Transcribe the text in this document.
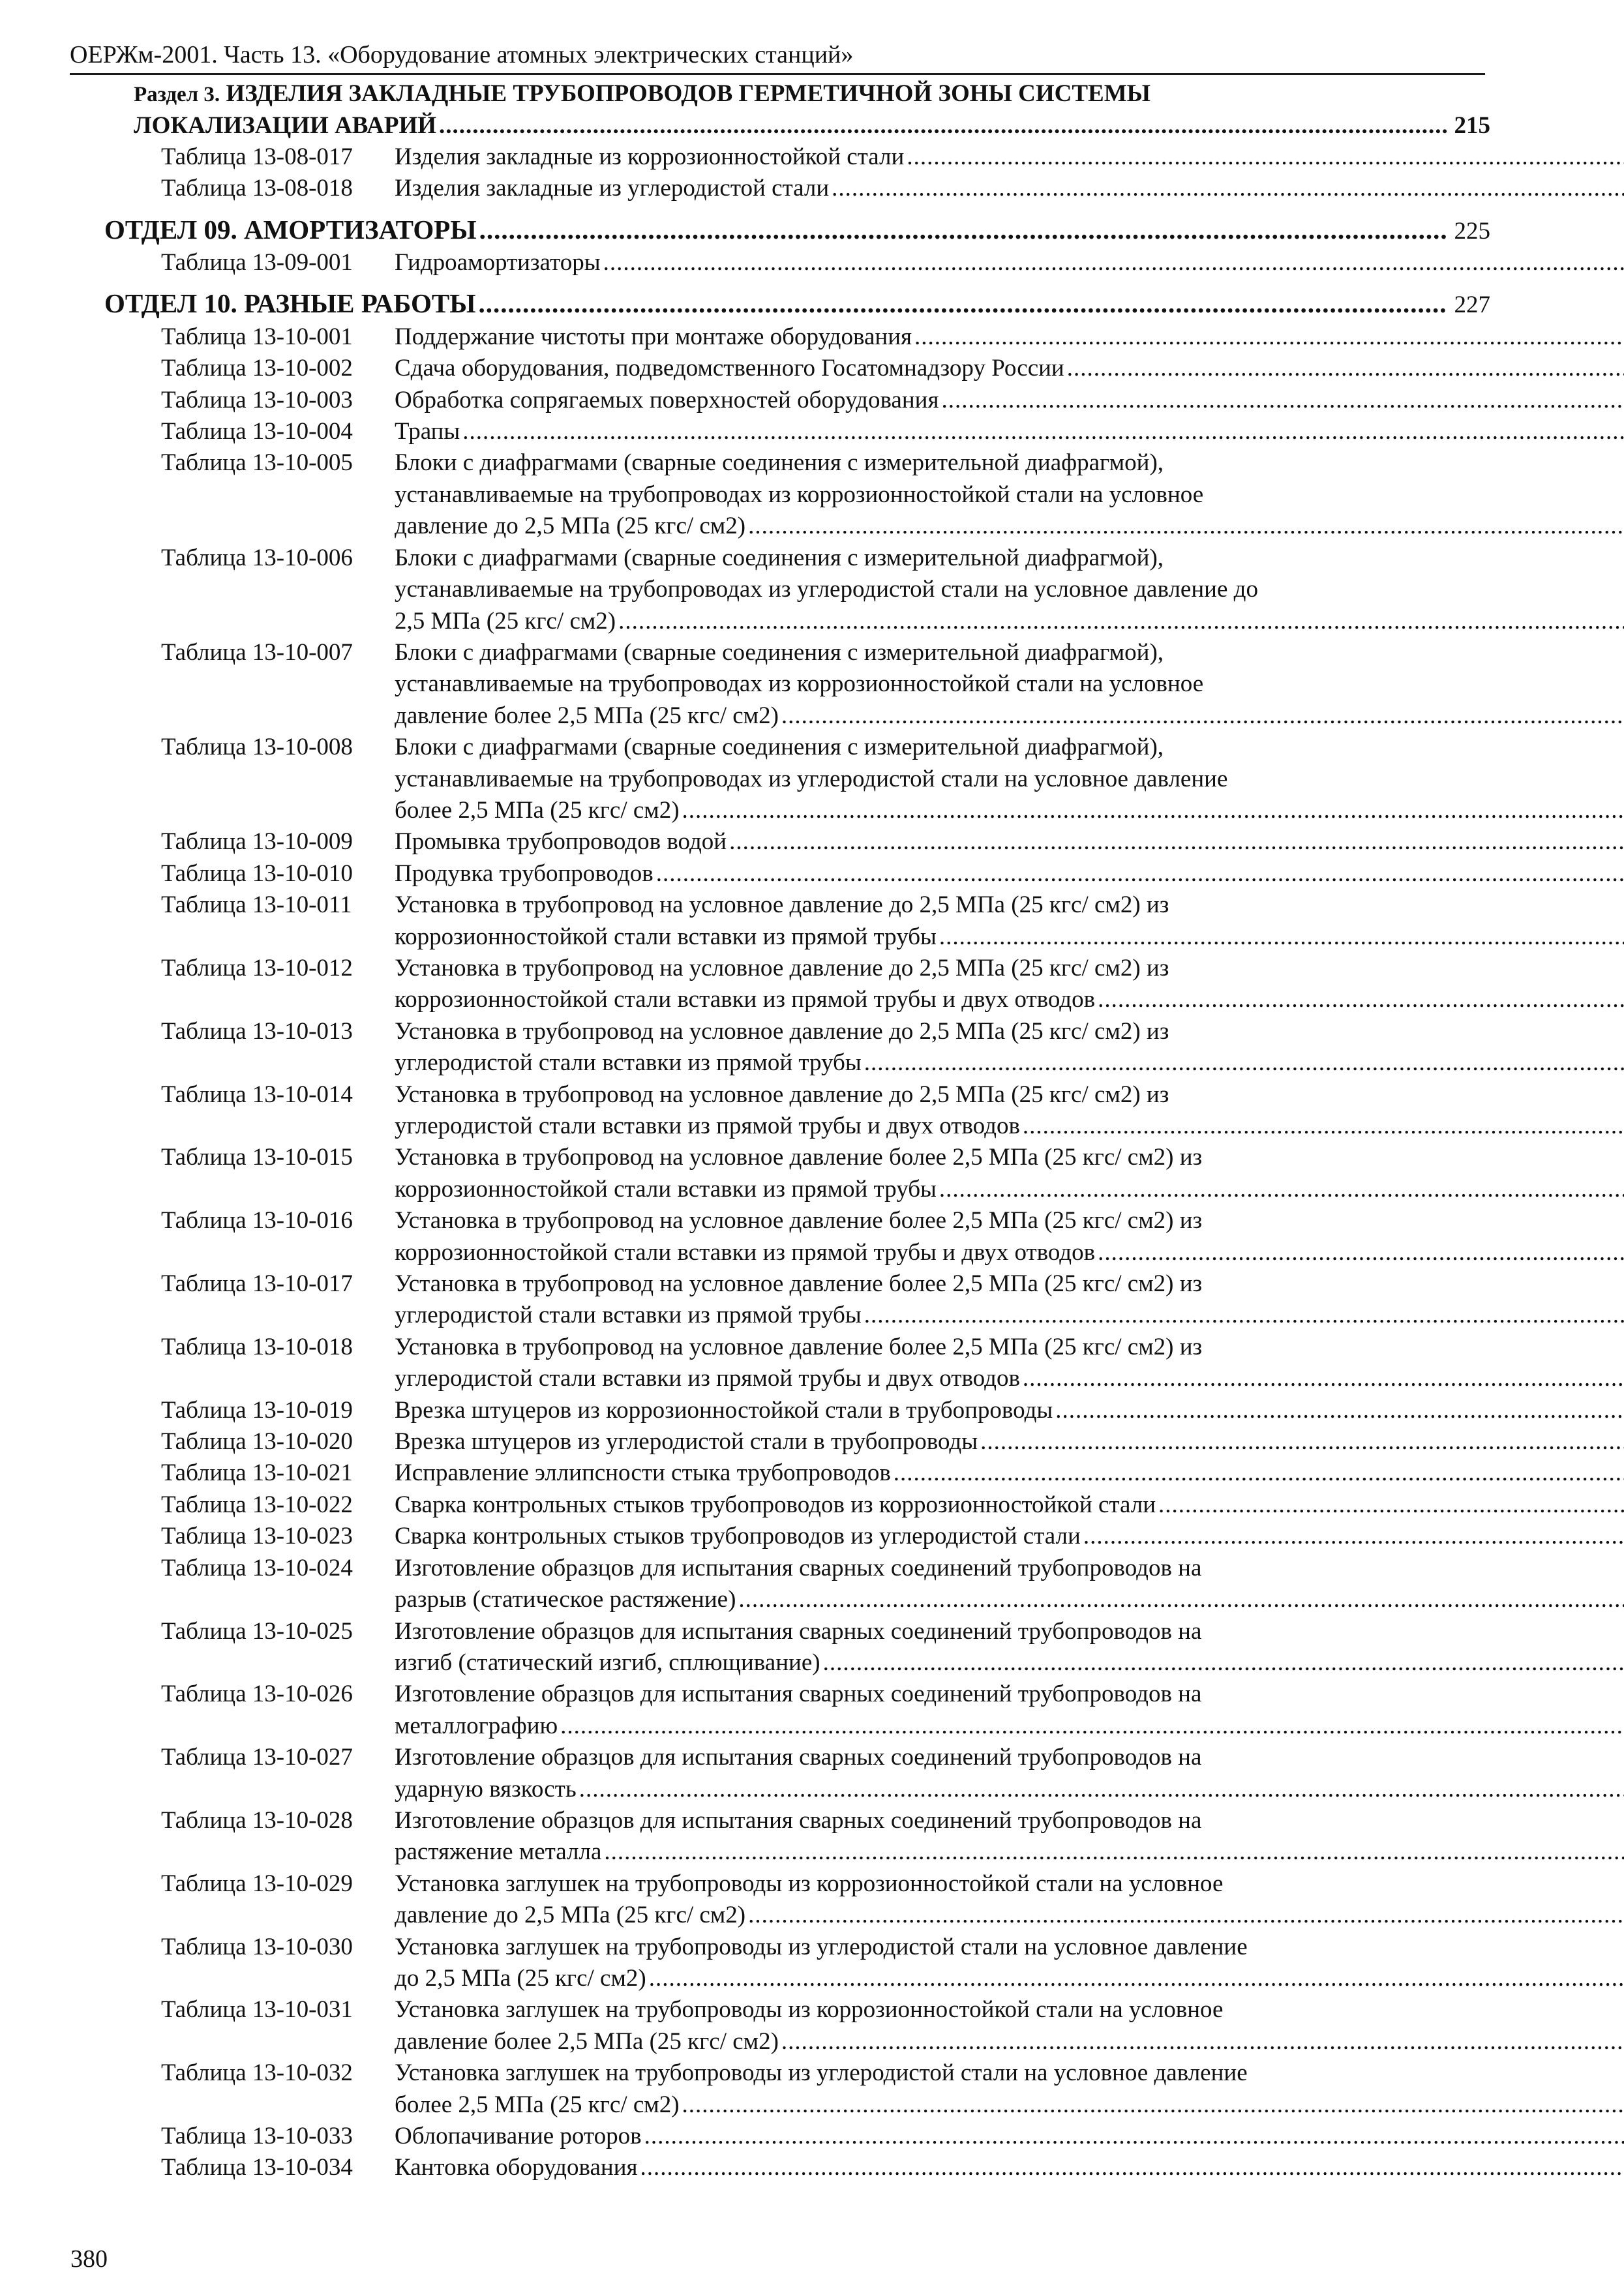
ОЕРЖм-2001. Часть 13. «Оборудование атомных электрических станций»
Раздел 3. ИЗДЕЛИЯ ЗАКЛАДНЫЕ ТРУБОПРОВОДОВ ГЕРМЕТИЧНОЙ ЗОНЫ СИСТЕМЫ
ЛОКАЛИЗАЦИИ АВАРИЙ .....	215
Таблица 13-08-017	Изделия закладные из коррозионностойкой стали
.....
Таблица 13-08-018	Изделия закладные из углеродистой стали
.....
ОТДЕЛ 09. АМОРТИЗАТОРЫ .....	225
Таблица 13-09-001	Гидроамортизаторы
.....
ОТДЕЛ 10. РАЗНЫЕ РАБОТЫ .....	227
Таблица 13-10-001	Поддержание чистоты при монтаже оборудования
.....
Таблица 13-10-002	Сдача оборудования, подведомственного Госатомнадзору России
.....
Таблица 13-10-003	Обработка сопрягаемых поверхностей оборудования
.....
Таблица 13-10-004	Трапы
.....
Таблица 13-10-005	Блоки с диафрагмами (сварные соединения с измерительной диафрагмой),
устанавливаемые на трубопроводах из коррозионностойкой стали на условное
давление до 2,5 МПа (25 кгс/ см2)
.....
Таблица 13-10-006	Блоки с диафрагмами (сварные соединения с измерительной диафрагмой),
устанавливаемые на трубопроводах из углеродистой стали на условное давление до
2,5 МПа (25 кгс/ см2)
.....
Таблица 13-10-007	Блоки с диафрагмами (сварные соединения с измерительной диафрагмой),
устанавливаемые на трубопроводах из коррозионностойкой стали на условное
давление более 2,5 МПа (25 кгс/ см2)
.....
Таблица 13-10-008	Блоки с диафрагмами (сварные соединения с измерительной диафрагмой),
устанавливаемые на трубопроводах из углеродистой стали на условное давление
более 2,5 МПа (25 кгс/ см2)
.....
Таблица 13-10-009	Промывка трубопроводов водой
.....
Таблица 13-10-010	Продувка трубопроводов
.....
Таблица 13-10-011	Установка в трубопровод на условное давление до 2,5 МПа (25 кгс/ см2) из
коррозионностойкой стали вставки из прямой трубы
.....
Таблица 13-10-012	Установка в трубопровод на условное давление до 2,5 МПа (25 кгс/ см2) из
коррозионностойкой стали вставки из прямой трубы и двух отводов
.....
Таблица 13-10-013	Установка в трубопровод на условное давление до 2,5 МПа (25 кгс/ см2) из
углеродистой стали вставки из прямой трубы
.....
Таблица 13-10-014	Установка в трубопровод на условное давление до 2,5 МПа (25 кгс/ см2) из
углеродистой стали вставки из прямой трубы и двух отводов
.....
Таблица 13-10-015	Установка в трубопровод на условное давление более 2,5 МПа (25 кгс/ см2) из
коррозионностойкой стали вставки из прямой трубы
.....
Таблица 13-10-016	Установка в трубопровод на условное давление более 2,5 МПа (25 кгс/ см2) из
коррозионностойкой стали вставки из прямой трубы и двух отводов
.....
Таблица 13-10-017	Установка в трубопровод на условное давление более 2,5 МПа (25 кгс/ см2) из
углеродистой стали вставки из прямой трубы
.....
Таблица 13-10-018	Установка в трубопровод на условное давление более 2,5 МПа (25 кгс/ см2) из
углеродистой стали вставки из прямой трубы и двух отводов
.....
Таблица 13-10-019	Врезка штуцеров из коррозионностойкой стали в трубопроводы
.....
Таблица 13-10-020	Врезка штуцеров из углеродистой стали в трубопроводы
.....
Таблица 13-10-021	Исправление эллипсности стыка трубопроводов
.....
Таблица 13-10-022	Сварка контрольных стыков трубопроводов из коррозионностойкой стали
.....
Таблица 13-10-023	Сварка контрольных стыков трубопроводов из углеродистой стали
.....
Таблица 13-10-024	Изготовление образцов для испытания сварных соединений трубопроводов на
разрыв (статическое растяжение)
.....
Таблица 13-10-025	Изготовление образцов для испытания сварных соединений трубопроводов на
изгиб (статический изгиб, сплющивание)
.....
Таблица 13-10-026	Изготовление образцов для испытания сварных соединений трубопроводов на
металлографию
.....
Таблица 13-10-027	Изготовление образцов для испытания сварных соединений трубопроводов на
ударную вязкость
.....
Таблица 13-10-028	Изготовление образцов для испытания сварных соединений трубопроводов на
растяжение металла
.....
Таблица 13-10-029	Установка заглушек на трубопроводы из коррозионностойкой стали на условное
давление до 2,5 МПа (25 кгс/ см2)
.....
Таблица 13-10-030	Установка заглушек на трубопроводы из углеродистой стали на условное давление
до 2,5 МПа (25 кгс/ см2)
.....
Таблица 13-10-031	Установка заглушек на трубопроводы из коррозионностойкой стали на условное
давление более 2,5 МПа (25 кгс/ см2)
.....
Таблица 13-10-032	Установка заглушек на трубопроводы из углеродистой стали на условное давление
более 2,5 МПа (25 кгс/ см2)
.....
Таблица 13-10-033	Облопачивание роторов
.....
Таблица 13-10-034	Кантовка оборудования
.....
380
